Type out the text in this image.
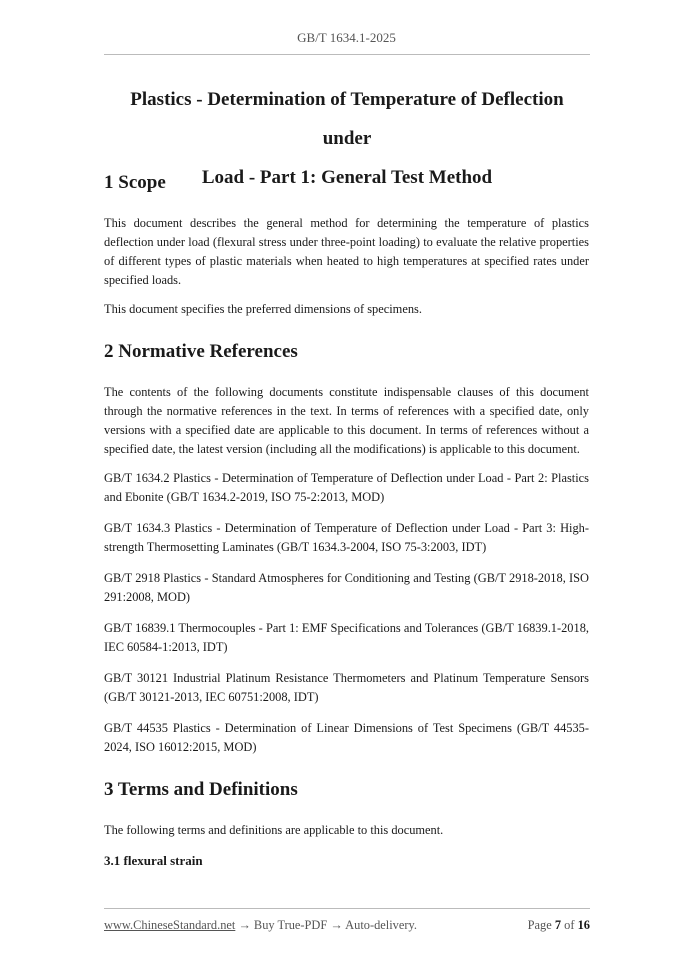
GB/T 1634.1-2025
Plastics - Determination of Temperature of Deflection under
Load - Part 1: General Test Method
1 Scope
This document describes the general method for determining the temperature of plastics deflection under load (flexural stress under three-point loading) to evaluate the relative properties of different types of plastic materials when heated to high temperatures at specified rates under specified loads.
This document specifies the preferred dimensions of specimens.
2 Normative References
The contents of the following documents constitute indispensable clauses of this document through the normative references in the text. In terms of references with a specified date, only versions with a specified date are applicable to this document. In terms of references without a specified date, the latest version (including all the modifications) is applicable to this document.
GB/T 1634.2 Plastics - Determination of Temperature of Deflection under Load - Part 2: Plastics and Ebonite (GB/T 1634.2-2019, ISO 75-2:2013, MOD)
GB/T 1634.3 Plastics - Determination of Temperature of Deflection under Load - Part 3: High-strength Thermosetting Laminates (GB/T 1634.3-2004, ISO 75-3:2003, IDT)
GB/T 2918 Plastics - Standard Atmospheres for Conditioning and Testing (GB/T 2918-2018, ISO 291:2008, MOD)
GB/T 16839.1 Thermocouples - Part 1: EMF Specifications and Tolerances (GB/T 16839.1-2018, IEC 60584-1:2013, IDT)
GB/T 30121 Industrial Platinum Resistance Thermometers and Platinum Temperature Sensors (GB/T 30121-2013, IEC 60751:2008, IDT)
GB/T 44535 Plastics - Determination of Linear Dimensions of Test Specimens (GB/T 44535-2024, ISO 16012:2015, MOD)
3 Terms and Definitions
The following terms and definitions are applicable to this document.
3.1 flexural strain
www.ChineseStandard.net → Buy True-PDF → Auto-delivery.	Page 7 of 16
